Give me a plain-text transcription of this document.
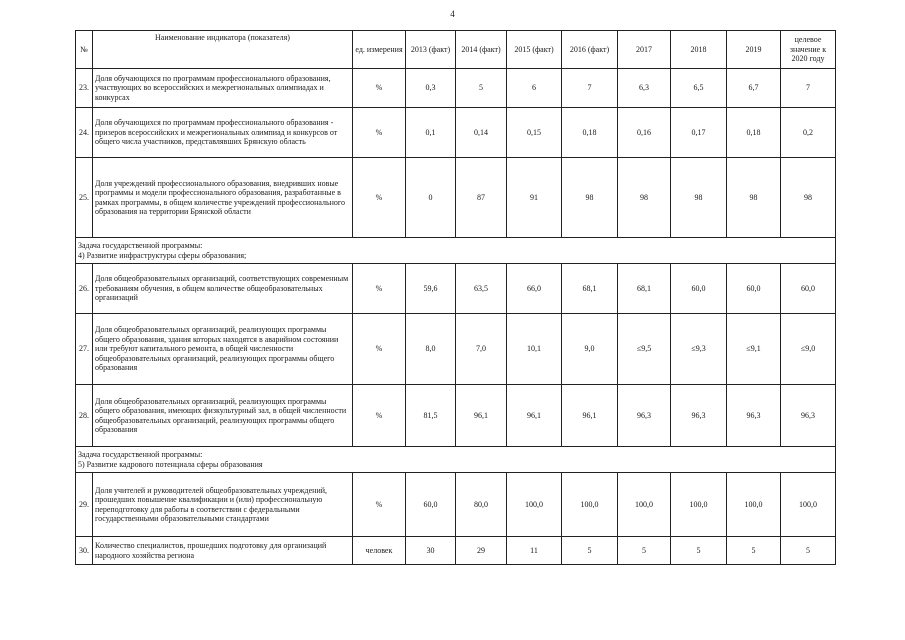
4
№	Наименование индикатора (показателя)	ед. измерения	2013 (факт)	2014 (факт)	2015 (факт)	2016 (факт)	2017	2018	2019	целевое значение к 2020 году
23.	Доля обучающихся по программам профессионального образования, участвующих во всероссийских и межрегиональных олимпиадах и конкурсах	%	0,3	5	6	7	6,3	6,5	6,7	7
24.	Доля обучающихся по программам профессионального образования - призеров всероссийских и межрегиональных олимпиад и конкурсов от общего числа участников, представлявших Брянскую область	%	0,1	0,14	0,15	0,18	0,16	0,17	0,18	0,2
25.	Доля учреждений профессионального образования, внедривших новые программы и модели профессионального образования, разработанные в рамках программы, в общем количестве учреждений профессионального образования на территории Брянской области	%	0	87	91	98	98	98	98	98

Задача государственной программы:
4) Развитие инфраструктуры сферы образования;										

26.	Доля общеобразовательных организаций, соответствующих современным требованиям обучения, в общем количестве общеобразовательных организаций	%	59,6	63,5	66,0	68,1	68,1	60,0	60,0	60,0
27.	Доля общеобразовательных организаций, реализующих программы общего образования, здания которых находятся в аварийном состоянии или требуют капитального ремонта, в общей численности общеобразовательных организаций, реализующих программы общего образования	%	8,0	7,0	10,1	9,0	≤9,5	≤9,3	≤9,1	≤9,0
28.	Доля общеобразовательных организаций, реализующих программы общего образования, имеющих физкультурный зал, в общей численности общеобразовательных организаций, реализующих программы общего образования	%	81,5	96,1	96,1	96,1	96,3	96,3	96,3	96,3

Задача государственной программы:
5) Развитие кадрового потенциала сферы образования										

29.	Доля учителей и руководителей общеобразовательных учреждений, прошедших повышение квалификации и (или) профессиональную переподготовку для работы в соответствии с федеральными государственными образовательными стандартами	%	60,0	80,0	100,0	100,0	100,0	100,0	100,0	100,0
30.	Количество специалистов, прошедших подготовку для организаций народного хозяйства региона	человек	30	29	11	5	5	5	5	5
